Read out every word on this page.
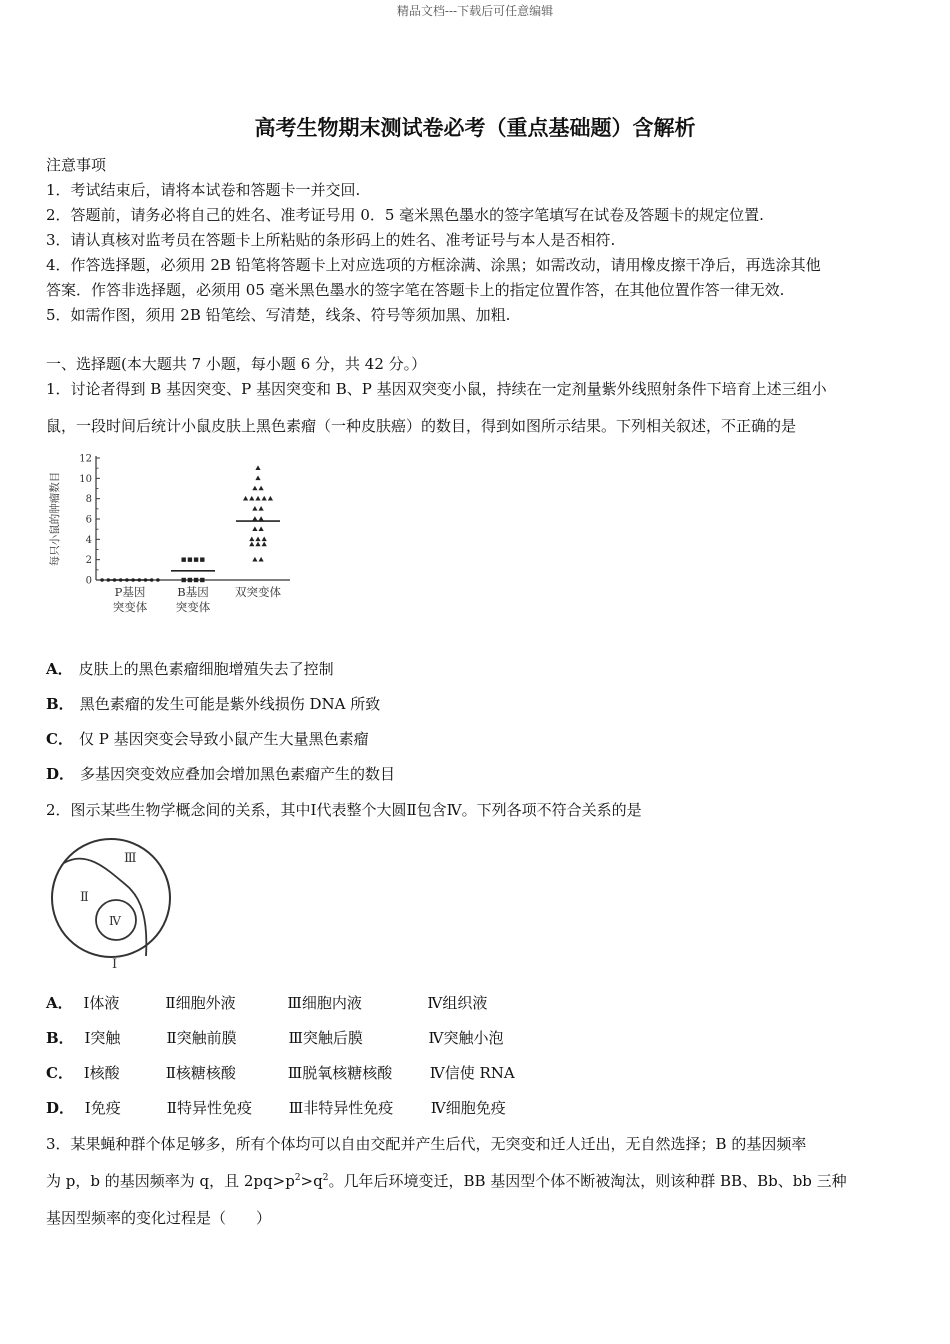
精品文档---下载后可任意编辑
高考生物期末测试卷必考（重点基础题）含解析
注意事项
1．考试结束后，请将本试卷和答题卡一并交回.
2．答题前，请务必将自己的姓名、准考证号用 0．5 毫米黑色墨水的签字笔填写在试卷及答题卡的规定位置.
3．请认真核对监考员在答题卡上所粘贴的条形码上的姓名、准考证号与本人是否相符.
4．作答选择题，必须用 2B 铅笔将答题卡上对应选项的方框涂满、涂黑；如需改动，请用橡皮擦干净后，再选涂其他
答案．作答非选择题，必须用 05 毫米黑色墨水的签字笔在答题卡上的指定位置作答，在其他位置作答一律无效.
5．如需作图，须用 2B 铅笔绘、写清楚，线条、符号等须加黑、加粗.
一、选择题(本大题共 7 小题，每小题 6 分，共 42 分。）
1．讨论者得到 B 基因突变、P 基因突变和 B、P 基因双突变小鼠，持续在一定剂量紫外线照射条件下培育上述三组小
鼠，一段时间后统计小鼠皮肤上黑色素瘤（一种皮肤癌）的数目，得到如图所示结果。下列相关叙述，不正确的是
0
2
4
6
8
10
12
每只小鼠的肿瘤数目
P基因
突变体
B基因
突变体
双突变体
A． 皮肤上的黑色素瘤细胞增殖失去了控制
B． 黑色素瘤的发生可能是紫外线损伤 DNA 所致
C． 仅 P 基因突变会导致小鼠产生大量黑色素瘤
D． 多基因突变效应叠加会增加黑色素瘤产生的数目
2．图示某些生物学概念间的关系，其中Ⅰ代表整个大圆Ⅱ包含Ⅳ。下列各项不符合关系的是
Ⅲ
Ⅱ
Ⅳ
Ⅰ
A． Ⅰ体液	Ⅱ细胞外液	Ⅲ细胞内液	Ⅳ组织液
B． Ⅰ突触	Ⅱ突触前膜	Ⅲ突触后膜	Ⅳ突触小泡
C． Ⅰ核酸	Ⅱ核糖核酸	Ⅲ脱氧核糖核酸	Ⅳ信使 RNA
D． Ⅰ免疫	Ⅱ特异性免疫 Ⅲ非特异性免疫	Ⅳ细胞免疫
3．某果蝇种群个体足够多，所有个体均可以自由交配并产生后代，无突变和迁人迁出，无自然选择；B 的基因频率
为 p，b 的基因频率为 q，且 $2pq>p^2>q^2$。几年后环境变迁，BB 基因型个体不断被淘汰，则该种群 BB、Bb、bb 三种
基因型频率的变化过程是（　　）
